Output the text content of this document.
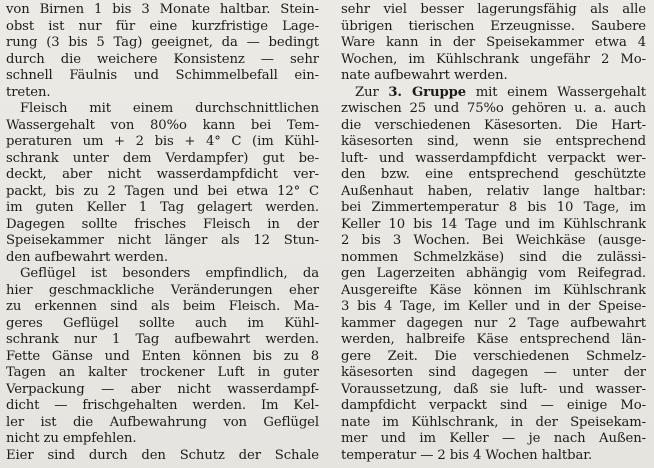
von Birnen 1 bis 3 Monate haltbar. Stein-
obst ist nur für eine kurzfristige Lage-
rung (3 bis 5 Tag) geeignet, da — bedingt
durch die weichere Konsistenz — sehr
schnell Fäulnis und Schimmelbefall ein-
treten.
Fleisch mit einem durchschnittlichen
Wassergehalt von 80%o kann bei Tem-
peraturen um + 2 bis + 4° C (im Kühl-
schrank unter dem Verdampfer) gut be-
deckt, aber nicht wasserdampfdicht ver-
packt, bis zu 2 Tagen und bei etwa 12° C
im guten Keller 1 Tag gelagert werden.
Dagegen sollte frisches Fleisch in der
Speisekammer nicht länger als 12 Stun-
den aufbewahrt werden.
Geflügel ist besonders empfindlich, da
hier geschmackliche Veränderungen eher
zu erkennen sind als beim Fleisch. Ma-
geres Geflügel sollte auch im Kühl-
schrank nur 1 Tag aufbewahrt werden.
Fette Gänse und Enten können bis zu 8
Tagen an kalter trockener Luft in guter
Verpackung — aber nicht wasserdampf-
dicht — frischgehalten werden. Im Kel-
ler ist die Aufbewahrung von Geflügel
nicht zu empfehlen.
Eier sind durch den Schutz der Schale
sehr viel besser lagerungsfähig als alle
übrigen tierischen Erzeugnisse. Saubere
Ware kann in der Speisekammer etwa 4
Wochen, im Kühlschrank ungefähr 2 Mo-
nate aufbewahrt werden.
Zur 3. Gruppe mit einem Wassergehalt
zwischen 25 und 75%o gehören u. a. auch
die verschiedenen Käsesorten. Die Hart-
käsesorten sind, wenn sie entsprechend
luft- und wasserdampfdicht verpackt wer-
den bzw. eine entsprechend geschützte
Außenhaut haben, relativ lange haltbar:
bei Zimmertemperatur 8 bis 10 Tage, im
Keller 10 bis 14 Tage und im Kühlschrank
2 bis 3 Wochen. Bei Weichkäse (ausge-
nommen Schmelzkäse) sind die zulässi-
gen Lagerzeiten abhängig vom Reifegrad.
Ausgereifte Käse können im Kühlschrank
3 bis 4 Tage, im Keller und in der Speise-
kammer dagegen nur 2 Tage aufbewahrt
werden, halbreife Käse entsprechend län-
gere Zeit. Die verschiedenen Schmelz-
käsesorten sind dagegen — unter der
Voraussetzung, daß sie luft- und wasser-
dampfdicht verpackt sind — einige Mo-
nate im Kühlschrank, in der Speisekam-
mer und im Keller — je nach Außen-
temperatur — 2 bis 4 Wochen haltbar.
